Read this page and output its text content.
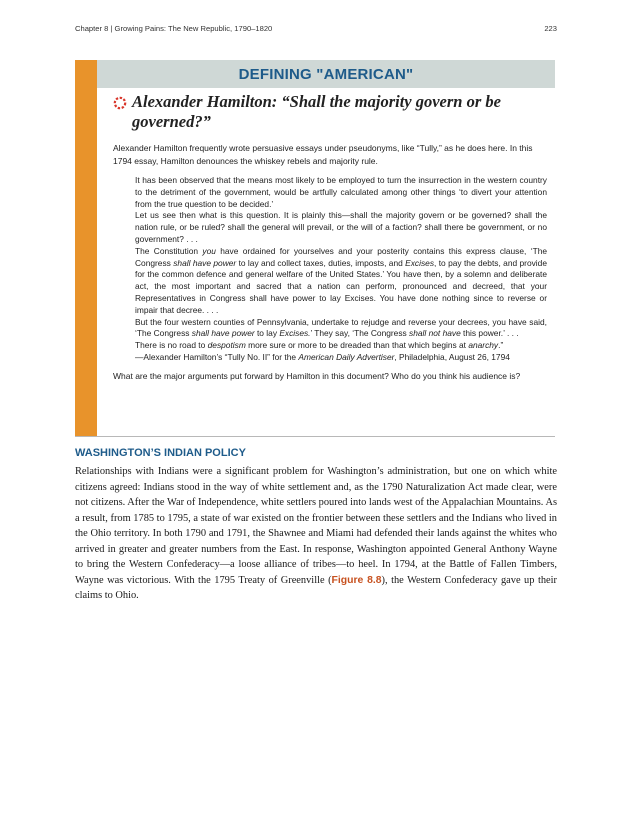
Chapter 8 | Growing Pains: The New Republic, 1790–1820	223
DEFINING "AMERICAN"
Alexander Hamilton: “Shall the majority govern or be governed?”
Alexander Hamilton frequently wrote persuasive essays under pseudonyms, like “Tully,” as he does here. In this 1794 essay, Hamilton denounces the whiskey rebels and majority rule.

It has been observed that the means most likely to be employed to turn the insurrection in the western country to the detriment of the government, would be artfully calculated among other things ‘to divert your attention from the true question to be decided.’

Let us see then what is this question. It is plainly this—shall the majority govern or be governed? shall the nation rule, or be ruled? shall the general will prevail, or the will of a faction? shall there be government, or no government? . . .

The Constitution you have ordained for yourselves and your posterity contains this express clause, ‘The Congress shall have power to lay and collect taxes, duties, imposts, and Excises, to pay the debts, and provide for the common defence and general welfare of the United States.’ You have then, by a solemn and deliberate act, the most important and sacred that a nation can perform, pronounced and decreed, that your Representatives in Congress shall have power to lay Excises. You have done nothing since to reverse or impair that decree. . . .

But the four western counties of Pennsylvania, undertake to rejudge and reverse your decrees, you have said, ‘The Congress shall have power to lay Excises.’ They say, ‘The Congress shall not have this power.’ . . .

There is no road to despotism more sure or more to be dreaded than that which begins at anarchy.”

—Alexander Hamilton’s “Tully No. II” for the American Daily Advertiser, Philadelphia, August 26, 1794

What are the major arguments put forward by Hamilton in this document? Who do you think his audience is?
WASHINGTON’S INDIAN POLICY

Relationships with Indians were a significant problem for Washington’s administration, but one on which white citizens agreed: Indians stood in the way of white settlement and, as the 1790 Naturalization Act made clear, were not citizens. After the War of Independence, white settlers poured into lands west of the Appalachian Mountains. As a result, from 1785 to 1795, a state of war existed on the frontier between these settlers and the Indians who lived in the Ohio territory. In both 1790 and 1791, the Shawnee and Miami had defended their lands against the whites who arrived in greater and greater numbers from the East. In response, Washington appointed General Anthony Wayne to bring the Western Confederacy—a loose alliance of tribes—to heel. In 1794, at the Battle of Fallen Timbers, Wayne was victorious. With the 1795 Treaty of Greenville (Figure 8.8), the Western Confederacy gave up their claims to Ohio.
